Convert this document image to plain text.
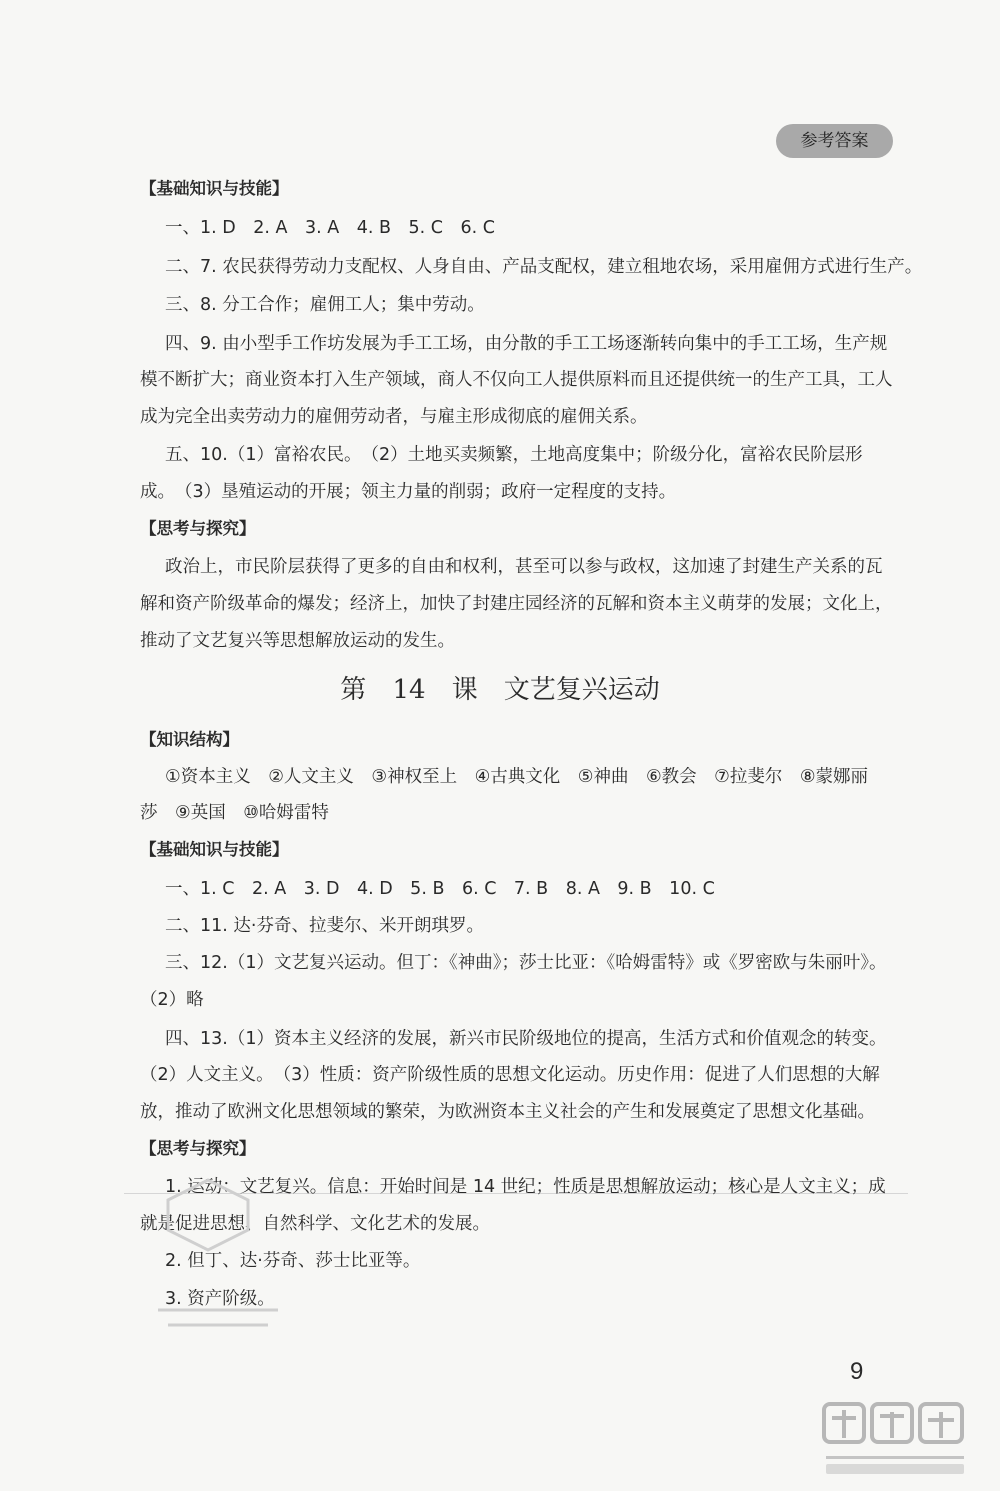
参考答案
【基础知识与技能】
一、1. D　2. A　3. A　4. B　5. C　6. C
二、7. 农民获得劳动力支配权、人身自由、产品支配权，建立租地农场，采用雇佣方式进行生产。
三、8. 分工合作；雇佣工人；集中劳动。
四、9. 由小型手工作坊发展为手工工场，由分散的手工工场逐渐转向集中的手工工场，生产规
模不断扩大；商业资本打入生产领域，商人不仅向工人提供原料而且还提供统一的生产工具，工人
成为完全出卖劳动力的雇佣劳动者，与雇主形成彻底的雇佣关系。
五、10.（1）富裕农民。　（2）土地买卖频繁，土地高度集中；阶级分化，富裕农民阶层形
成。　（3）垦殖运动的开展；领主力量的削弱；政府一定程度的支持。
【思考与探究】
政治上，市民阶层获得了更多的自由和权利，甚至可以参与政权，这加速了封建生产关系的瓦
解和资产阶级革命的爆发；经济上，加快了封建庄园经济的瓦解和资本主义萌芽的发展；文化上，
推动了文艺复兴等思想解放运动的发生。
第 14 课　文艺复兴运动
【知识结构】
①资本主义　②人文主义　③神权至上　④古典文化　⑤神曲　⑥教会　⑦拉斐尔　⑧蒙娜丽
莎　⑨英国　⑩哈姆雷特
【基础知识与技能】
一、1. C　2. A　3. D　4. D　5. B　6. C　7. B　8. A　9. B　10. C
二、11. 达·芬奇、拉斐尔、米开朗琪罗。
三、12.（1）文艺复兴运动。但丁：《神曲》；莎士比亚：《哈姆雷特》或《罗密欧与朱丽叶》。
（2）略
四、13.（1）资本主义经济的发展，新兴市民阶级地位的提高，生活方式和价值观念的转变。
（2）人文主义。　（3）性质：资产阶级性质的思想文化运动。历史作用：促进了人们思想的大解
放，推动了欧洲文化思想领域的繁荣，为欧洲资本主义社会的产生和发展奠定了思想文化基础。
【思考与探究】
1. 运动：文艺复兴。信息：开始时间是 14 世纪；性质是思想解放运动；核心是人文主义；成
就是促进思想、自然科学、文化艺术的发展。
2. 但丁、达·芬奇、莎士比亚等。
3. 资产阶级。
9
